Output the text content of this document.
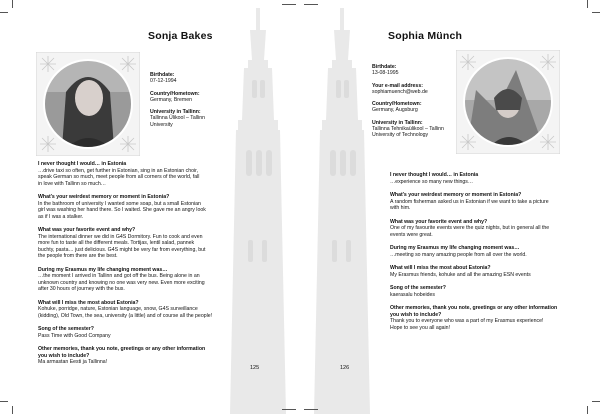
Sonja Bakes
Birthdate:
07-12-1994
Country/Hometown:
Germany, Bremen
University in Tallinn:
Tallinna Ülikool – Tallinn
University
I never thought I would… in Estonia
…drive taxi so often, get further in Estonian, sing in an Estonian choir,
speak German so much, meet people from all corners of the world, fall
in love with Tallinn so much…
What’s your weirdest memory or moment in Estonia?
In the bathroom of university I wanted some soap, but a small Estonian
girl was washing her hand there. So I waited. She gave me an angry look
as if I was a stalker.
What was your favorite event and why?
The international dinner we did in G4S Dormitory. Fun to cook and even
more fun to taste all the different meals. Tortijas, lentil salad, pannek
buchty, pasta… just delicious. G4S might be very far from everything, but
the people from there are the best.
During my Erasmus my life changing moment was…
…the moment I arrived in Tallinn and got off the bus. Being alone in an
unknown country and knowing no one was very new. Even more exciting
after 30 hours of journey with the bus.
What will I miss the most about Estonia?
Kohuke, porridge, nature, Estonian language, snow, G4S surveillance
(kidding), Old Town, the sea, university (a little) and of course all the people!
Song of the semester?
Pass Time with Good Company
Other memories, thank you note, greetings or any other information
you wish to include?
Ma armastan Eesti ja Tallinna!
125
Sophia Münch
Birthdate:
13-08-1995
Your e-mail address:
sophiamuench@web.de
Country/Hometown:
Germany, Augsburg
University in Tallinn:
Tallinna Tehnikaülikool – Tallinn
University of Technology
I never thought I would… in Estonia
…experience so many new things…
What’s your weirdest memory or moment in Estonia?
A random fisherman asked us in Estonian if we want to take a picture
with him.
What was your favorite event and why?
One of my favourite events were the quiz nights, but in general all the
events were great.
During my Erasmus my life changing moment was…
…meeting so many amazing people from all over the world.
What will I miss the most about Estonia?
My Erasmus friends, kohuke and all the amazing ESN events
Song of the semester?
kaerasalu hobeides
Other memories, thank you note, greetings or any other information
you wish to include?
Thank you to everyone who was a part of my Erasmus experience!
Hope to see you all again!
126
